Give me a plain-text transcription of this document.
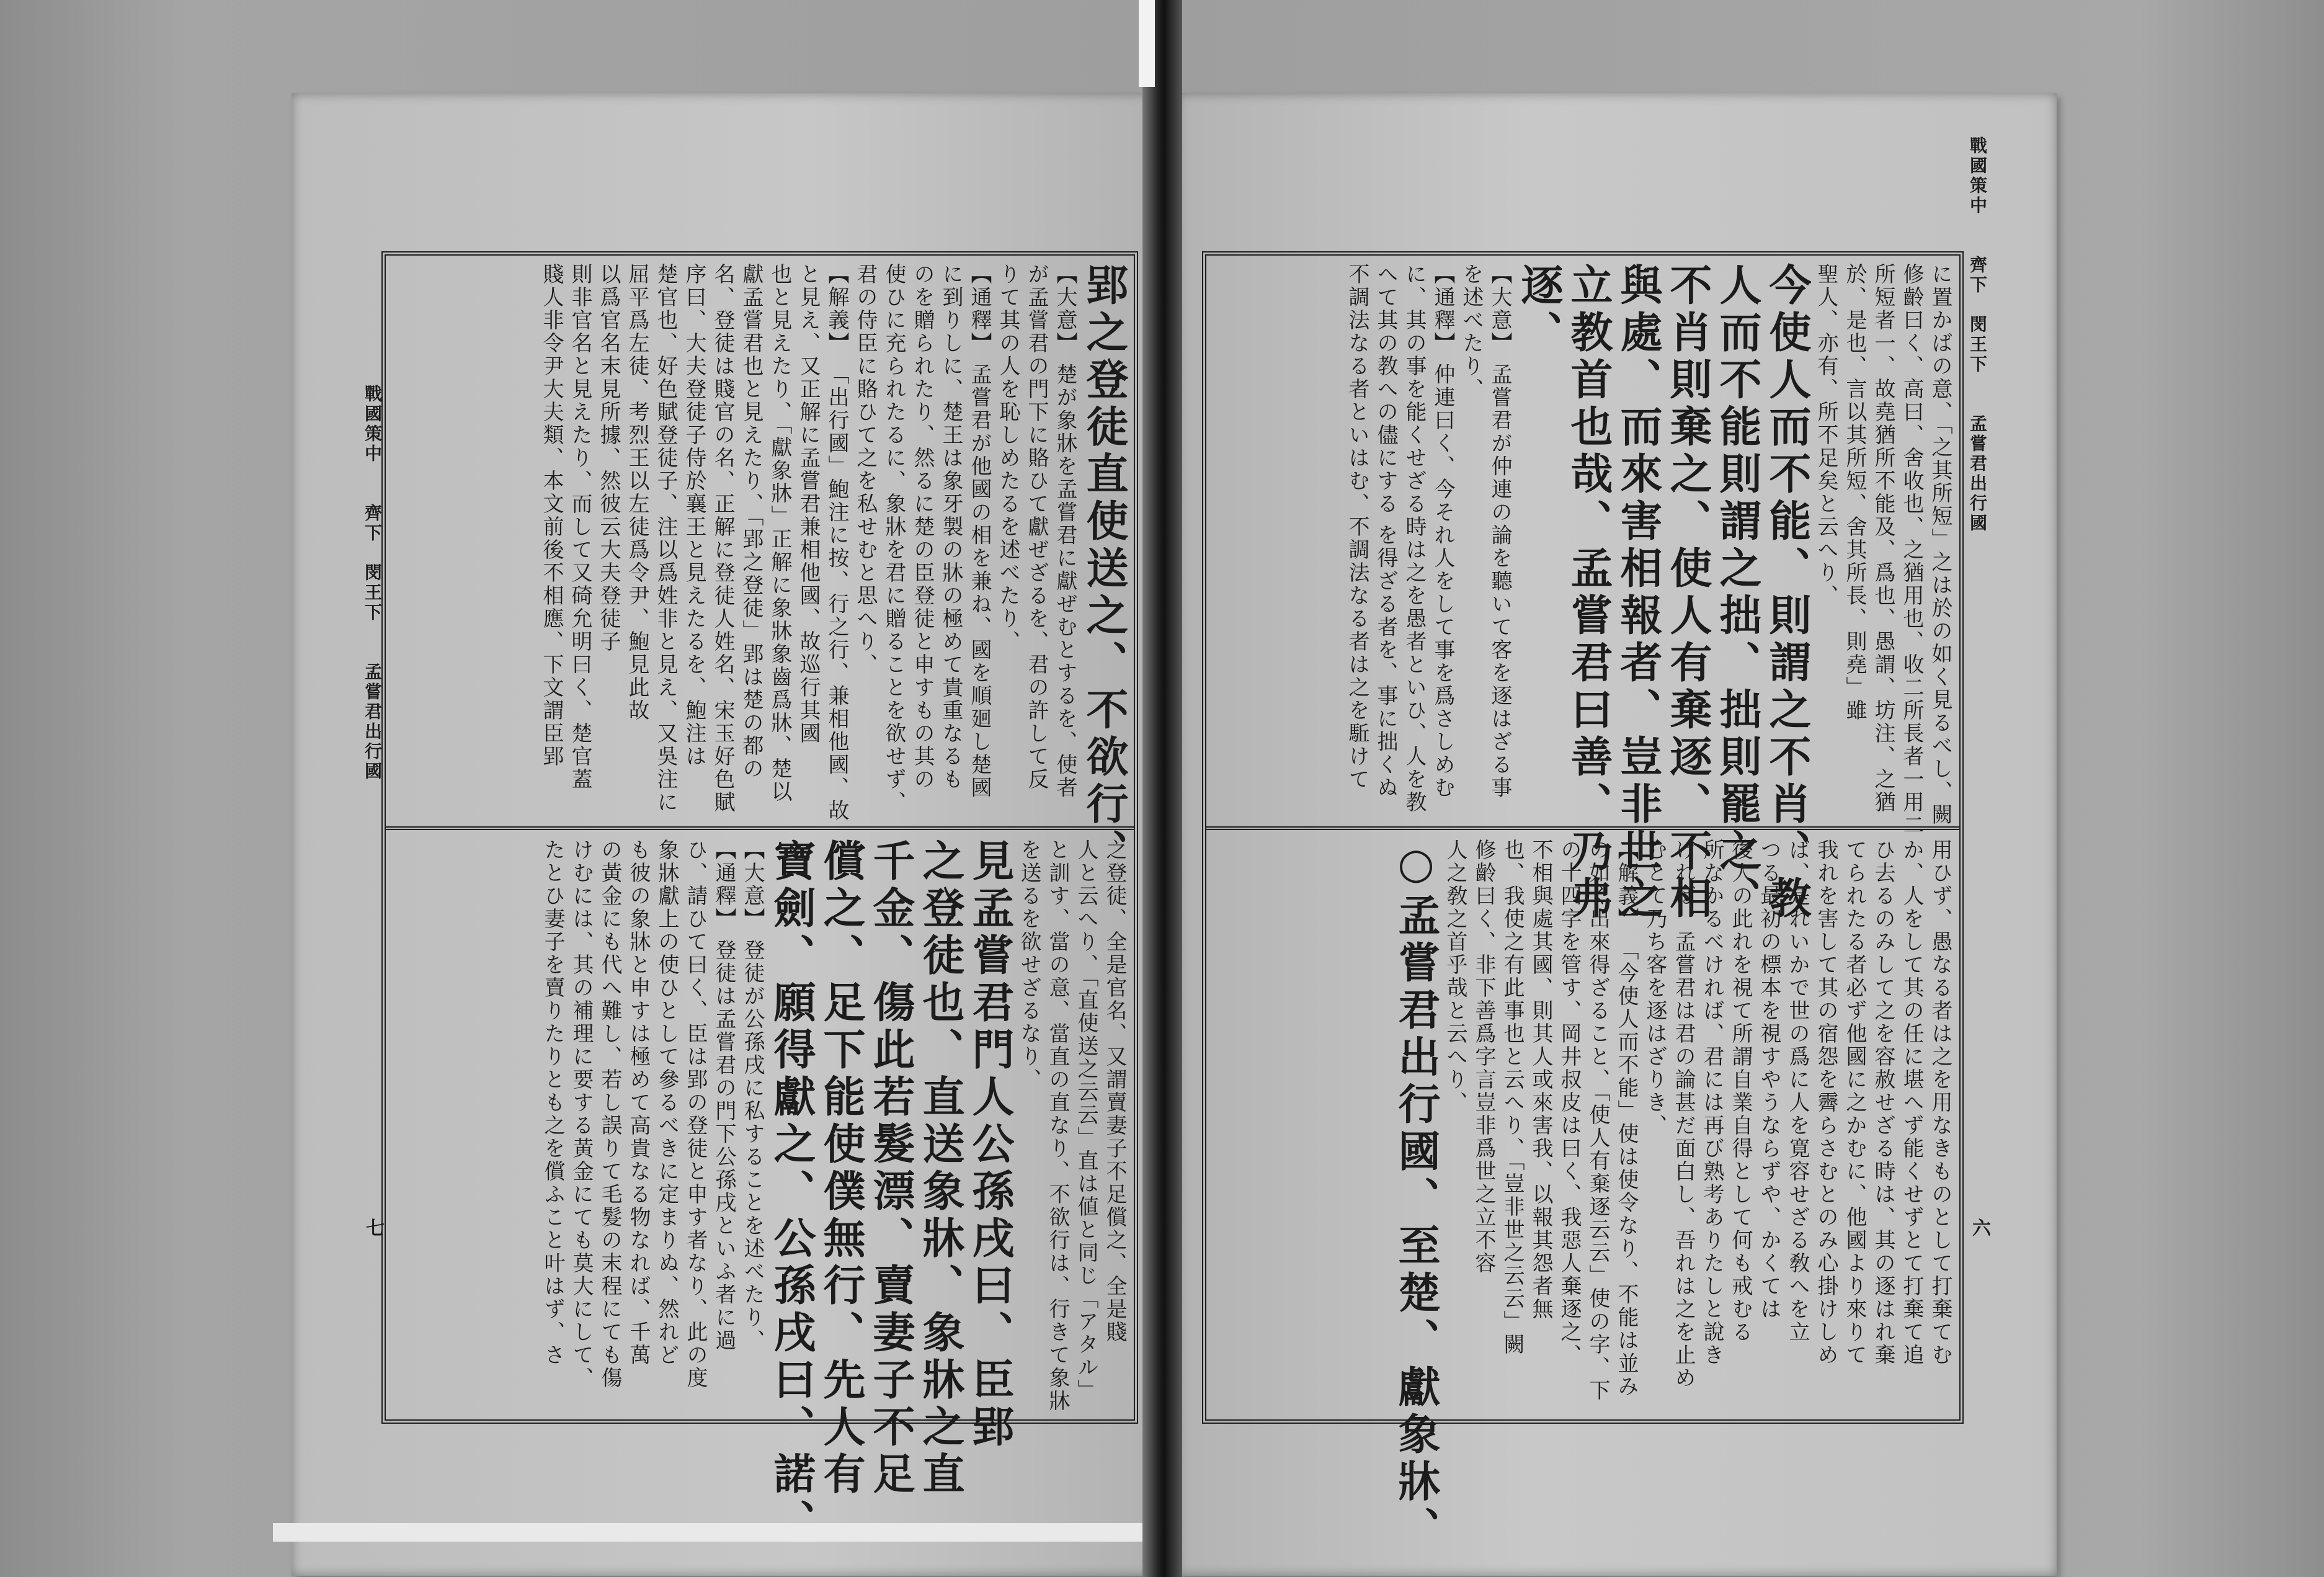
戰國策中　　齊下　閔王下　　孟嘗君出行國
六
に置かばの意、「之其所短」之は於の如く見るべし、闕
修齡曰く、高曰、舍收也、之猶用也、收二所長者一用二
所短者一、故堯猶所不能及、爲也、愚謂、坊注、之猶
於、是也、言以其所短、舍其所長、則堯」雖
聖人、亦有、所不足矣と云へり、
今使人而不能、則謂之不肖、教
人而不能則謂之拙、拙則罷之、
不肖則棄之、使人有棄逐、不相
與處、而來害相報者、豈非世之
立教首也哉、孟嘗君曰善、乃弗
逐、
【大意】 孟嘗君が仲連の論を聽いて客を逐はざる事
を述べたり、
【通釋】 仲連曰く、今それ人をして事を爲さしめむ
に、其の事を能くせざる時は之を愚者といひ、人を教
へて其の教への儘にする を得ざる者を、事に拙くぬ
不調法なる者といはむ、不調法なる者は之を駈けて
用ひず、愚なる者は之を用なきものとして打棄てむ
か、人をして其の任に堪へず能くせずとて打棄て追
ひ去るのみして之を容赦せざる時は、其の逐はれ棄
てられたる者必ず他國に之かむに、他國より來りて
我れを害して其の宿怨を霽らさむとのみ心掛けしめ
ば、是れいかで世の爲に人を寛容せざる敎へを立
つる最初の標本を視すやうならずや、かくては
後人の此れを視て所謂自業自得として何も戒むる
所なかるべければ、君には再び熟考ありたしと說き
ければ、孟嘗君は君の論甚だ面白し、吾れは之を止め
むとて乃ち客を逐はざりき、
【解義】 「今使人而不能」使は使令なり、不能は並み
の如く出來得ざること、「使人有棄逐云云」使の字、下
の十四字を管す、岡井叔皮は曰く、我惡人棄逐之、
不相與處其國、則其人或來害我、以報其怨者無
也、我使之有此事也と云へり、「豈非世之云云」闕
修齡曰く、非下善爲字言豈非爲世之立不容
人之敎之首乎哉と云へり、
○孟嘗君出行國、至楚、獻象牀、
戰國策中　　齊下　閔王下　　孟嘗君出行國
七
郢之登徒直使送之、不欲行、
【大意】 楚が象牀を孟嘗君に獻ぜむとするを、使者
が孟嘗君の門下に賂ひて獻ぜざるを、君の許して反
りて其の人を恥しめたるを述べたり、
【通釋】 孟嘗君が他國の相を兼ね、國を順廻し楚國
に到りしに、楚王は象牙製の牀の極めて貴重なるも
のを贈られたり、然るに楚の臣登徒と申すもの其の
使ひに充られたるに、象牀を君に贈ることを欲せず、
君の侍臣に賂ひて之を私せむと思へり、
【解義】 「出行國」鮑注に按、行之行、兼相他國、故
と見え、又正解に孟嘗君兼相他國、故巡行其國
也と見えたり、「獻象牀」正解に象牀象齒爲牀、楚以
獻孟嘗君也と見えたり、「郢之登徒」郢は楚の都の
名、登徒は賤官の名、正解に登徒人姓名、宋玉好色賦
序曰、大夫登徒子侍於襄王と見えたるを、鮑注は
楚官也、好色賦登徒子、注以爲姓非と見え、又吳注に
屈平爲左徒、考烈王以左徒爲令尹、鮑見此故
以爲官名末見所據、然彼云大夫登徒子
則非官名と見えたり、而して又碕允明曰く、楚官蓋
賤人非令尹大夫類、本文前後不相應、下文謂臣郢
之登徒、全是官名、又謂賣妻子不足償之、全是賤
人と云へり、「直使送之云云」直は値と同じ「アタル」
と訓す、當の意、當直の直なり、不欲行は、行きて象牀
を送るを欲せざるなり、
見孟嘗君門人公孫戌曰、臣郢
之登徒也、直送象牀、象牀之直
千金、傷此若髮漂、賣妻子不足
償之、足下能使僕無行、先人有
寶劍、願得獻之、公孫戌曰、諾、
【大意】 登徒が公孫戌に私することを述べたり、
【通釋】 登徒は孟嘗君の門下公孫戌といふ者に過
ひ、請ひて曰く、臣は郢の登徒と申す者なり、此の度
象牀獻上の使ひとして參るべきに定まりぬ、然れど
も彼の象牀と申すは極めて高貴なる物なれば、千萬
の黃金にも代へ難し、若し誤りて毛髮の末程にても傷
けむには、其の補理に要する黃金にても莫大にして、
たとひ妻子を賣りたりとも之を償ふこと叶はず、さ
